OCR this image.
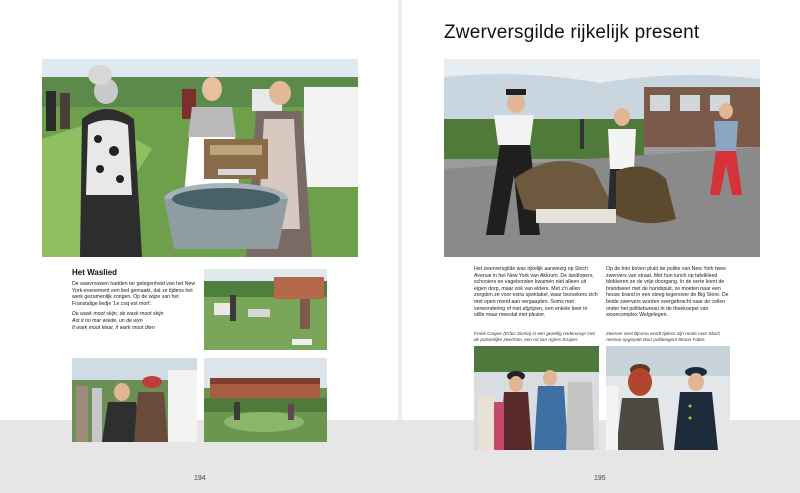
Het Waslied

De wasvrouwen hadden ter gelegenheid van het New York-evenement een lied gemaakt, dat ze tijdens het werk gezamenlijk zongen. Op de wijze van het Franstalige liedje 'Le coq est mort'.

De wask moot skijn, de wask moot skijn
Ast it no mar wiede, un de wyn
It wark moot klear, it wark moot dien
194
Zwerversgilde rijkelijk present
Het zwerversgilde was rijkelijk aanwezig op Sloch Avenue in het New York van Akkrum. De landlopers, schooiers en vagebonden kwamen niet alleen uit eigen dorp, maar ook van elders. Met z'n allen zorgden ze voor extra spektakel, waar bezoekers zich met open mond aan vergaapten. Soms met verwondering of met afgrijzen, een enkele keer in stille maar meestal met plezier.
Op de foto boven plukt de politie van New York twee zwervers van straat. Met hun lunch op tafelkleed blokkeren ze de vrije doorgang. In de verte komt de brandweer met de handspuit, ze moeten naar een heuse brand in een steeg tegenover de Big Store. De beide zwervers worden overgebracht naar de cellen onder het politiebureau in de theekoepel van wooncomplex Welgelegen.
Frank Cooper (Erfus Sinnia) in een gezellig onderonsje met de potsierlijke zwerfster, een rol van Agnes Kruiper.
Zwerver nent Bjorma wordt tijdens zijn ronde over Sloch Avenue opgepakt door politieagent Simon Faber.
195
